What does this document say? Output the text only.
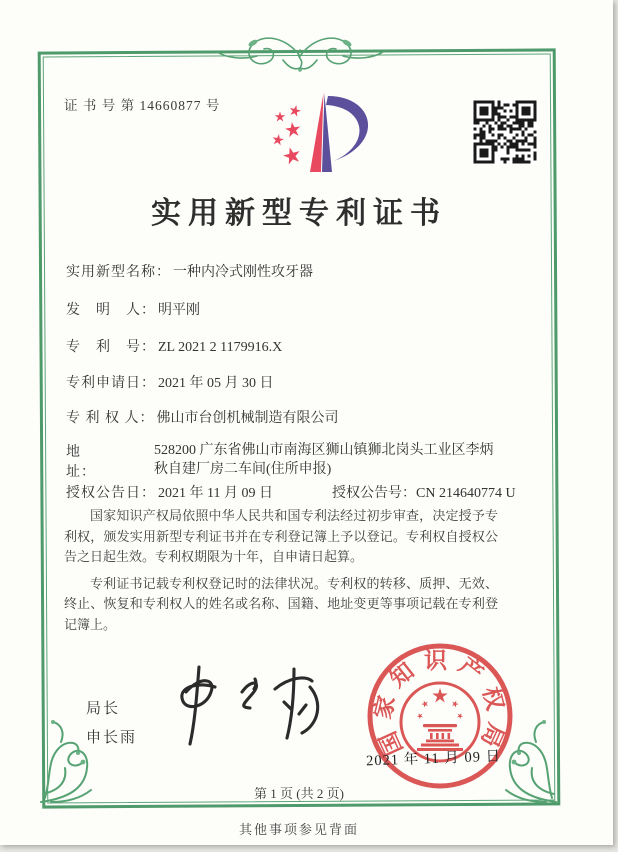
证 书 号 第 14660877 号
实用新型专利证书
实用新型名称： 一种内冷式刚性攻牙器
发　明　人： 明平刚
专　利　号： ZL 2021 2 1179916.X
专利申请日： 2021 年 05 月 30 日
专 利 权 人： 佛山市台创机械制造有限公司
地　　　址：
528200 广东省佛山市南海区狮山镇狮北岗头工业区李炳秋自建厂房二车间(住所申报)
授权公告日： 2021 年 11 月 09 日	授权公告号：CN 214640774 U

国家知识产权局依照中华人民共和国专利法经过初步审查，决定授予专利权，颁发实用新型专利证书并在专利登记簿上予以登记。专利权自授权公告之日起生效。专利权期限为十年，自申请日起算。

专利证书记载专利权登记时的法律状况。专利权的转移、质押、无效、终止、恢复和专利权人的姓名或名称、国籍、地址变更等事项记载在专利登记簿上。

局长
申长雨	国家知识产权局
2021 年 11 月 09 日
第 1 页 (共 2 页)
其他事项参见背面
